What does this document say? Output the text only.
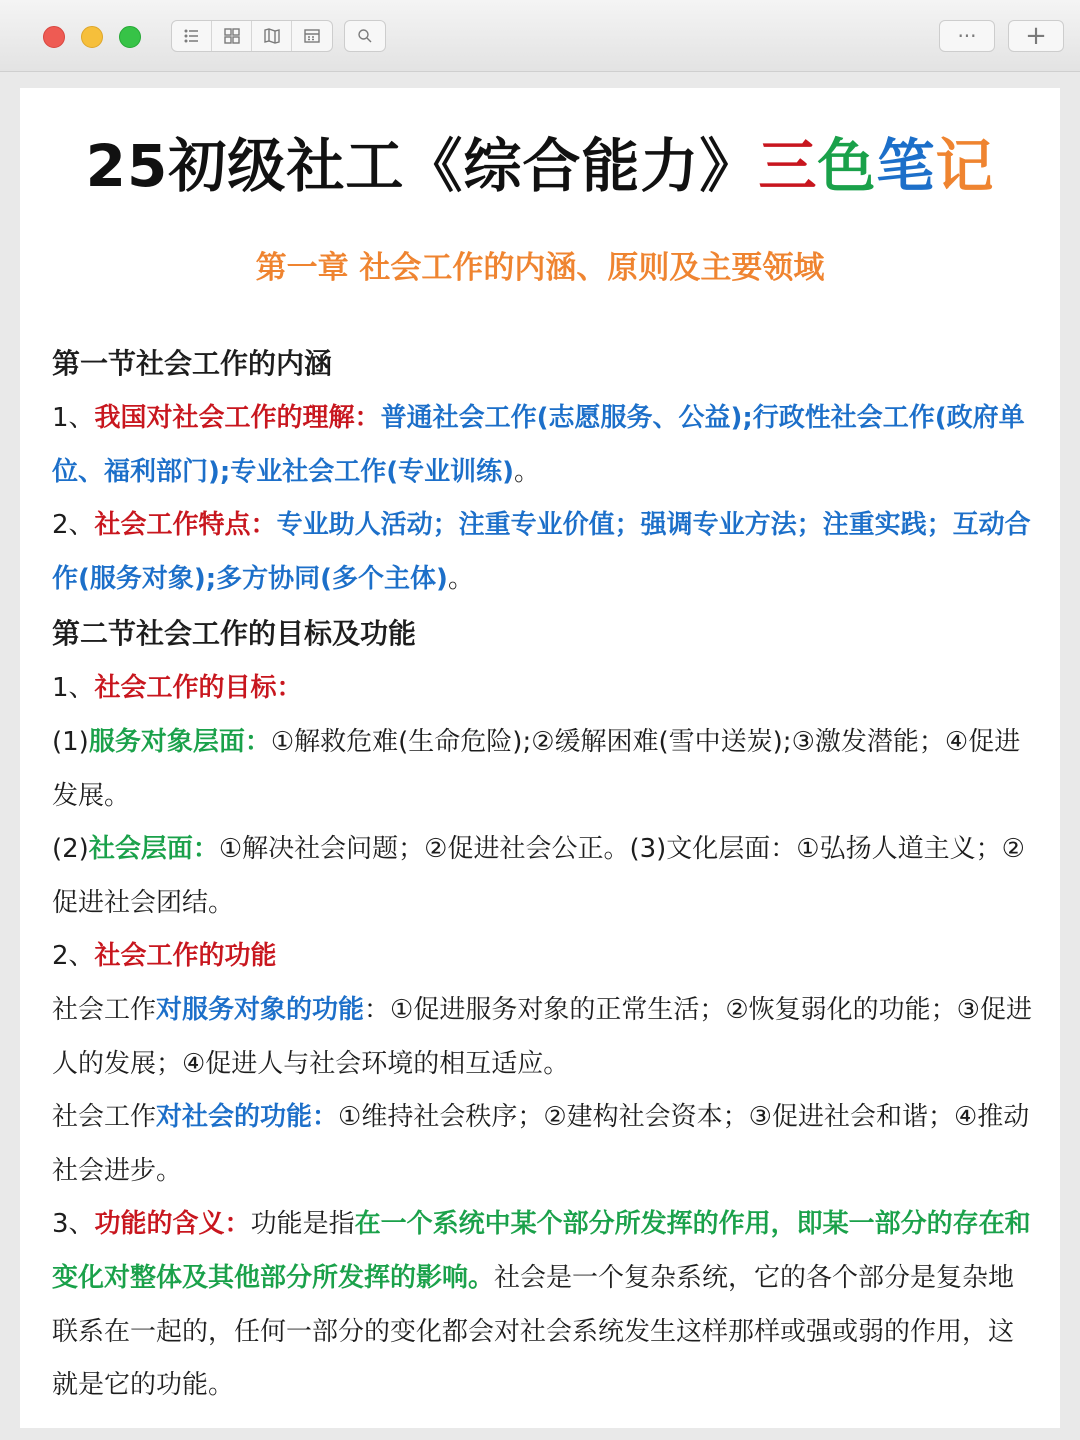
··· +
25初级社工《综合能力》三色笔记
第一章 社会工作的内涵、原则及主要领域

第一节社会工作的内涵

1、我国对社会工作的理解：普通社会工作(志愿服务、公益);行政性社会工作(政府单位、福利部门);专业社会工作(专业训练)。

2、社会工作特点：专业助人活动；注重专业价值；强调专业方法；注重实践；互动合作(服务对象);多方协同(多个主体)。

第二节社会工作的目标及功能

1、社会工作的目标：

(1)服务对象层面：①解救危难(生命危险);②缓解困难(雪中送炭);③激发潜能；④促进发展。

(2)社会层面：①解决社会问题；②促进社会公正。(3)文化层面：①弘扬人道主义；②促进社会团结。

2、社会工作的功能

社会工作对服务对象的功能：①促进服务对象的正常生活；②恢复弱化的功能；③促进人的发展；④促进人与社会环境的相互适应。

社会工作对社会的功能：①维持社会秩序；②建构社会资本；③促进社会和谐；④推动社会进步。

3、功能的含义：功能是指在一个系统中某个部分所发挥的作用，即某一部分的存在和变化对整体及其他部分所发挥的影响。社会是一个复杂系统，它的各个部分是复杂地联系在一起的，任何一部分的变化都会对社会系统发生这样那样或强或弱的作用，这就是它的功能。
